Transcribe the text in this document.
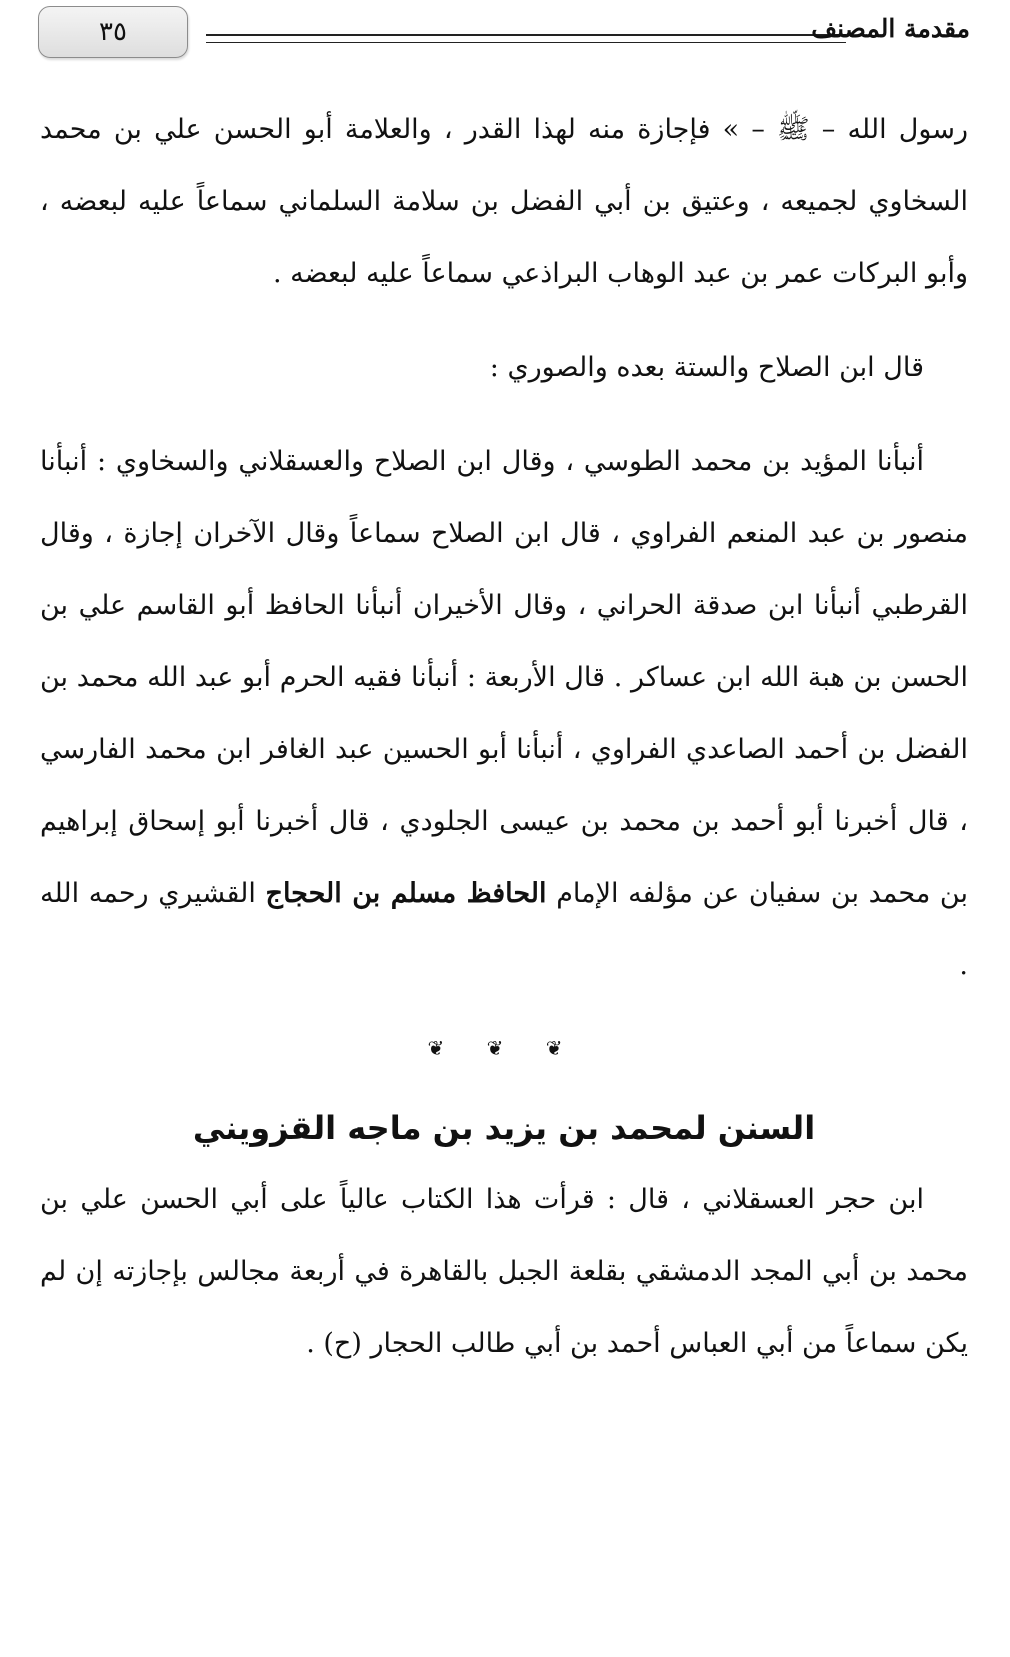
٣٥	مقدمة المصنف

رسول الله – ﷺ – » فإجازة منه لهذا القدر ، والعلامة أبو الحسن علي بن محمد السخاوي لجميعه ، وعتيق بن أبي الفضل بن سلامة السلماني سماعاً عليه لبعضه ، وأبو البركات عمر بن عبد الوهاب البراذعي سماعاً عليه لبعضه .

قال ابن الصلاح والستة بعده والصوري :

أنبأنا المؤيد بن محمد الطوسي ، وقال ابن الصلاح والعسقلاني والسخاوي : أنبأنا منصور بن عبد المنعم الفراوي ، قال ابن الصلاح سماعاً وقال الآخران إجازة ، وقال القرطبي أنبأنا ابن صدقة الحراني ، وقال الأخيران أنبأنا الحافظ أبو القاسم علي بن الحسن بن هبة الله ابن عساكر . قال الأربعة : أنبأنا فقيه الحرم أبو عبد الله محمد بن الفضل بن أحمد الصاعدي الفراوي ، أنبأنا أبو الحسين عبد الغافر ابن محمد الفارسي ، قال أخبرنا أبو أحمد بن محمد بن عيسى الجلودي ، قال أخبرنا أبو إسحاق إبراهيم بن محمد بن سفيان عن مؤلفه الإمام الحافظ مسلم بن الحجاج القشيري رحمه الله .

❦ ❦ ❦
السنن لمحمد بن يزيد بن ماجه القزويني

ابن حجر العسقلاني ، قال : قرأت هذا الكتاب عالياً على أبي الحسن علي بن محمد بن أبي المجد الدمشقي بقلعة الجبل بالقاهرة في أربعة مجالس بإجازته إن لم يكن سماعاً من أبي العباس أحمد بن أبي طالب الحجار (ح) .
